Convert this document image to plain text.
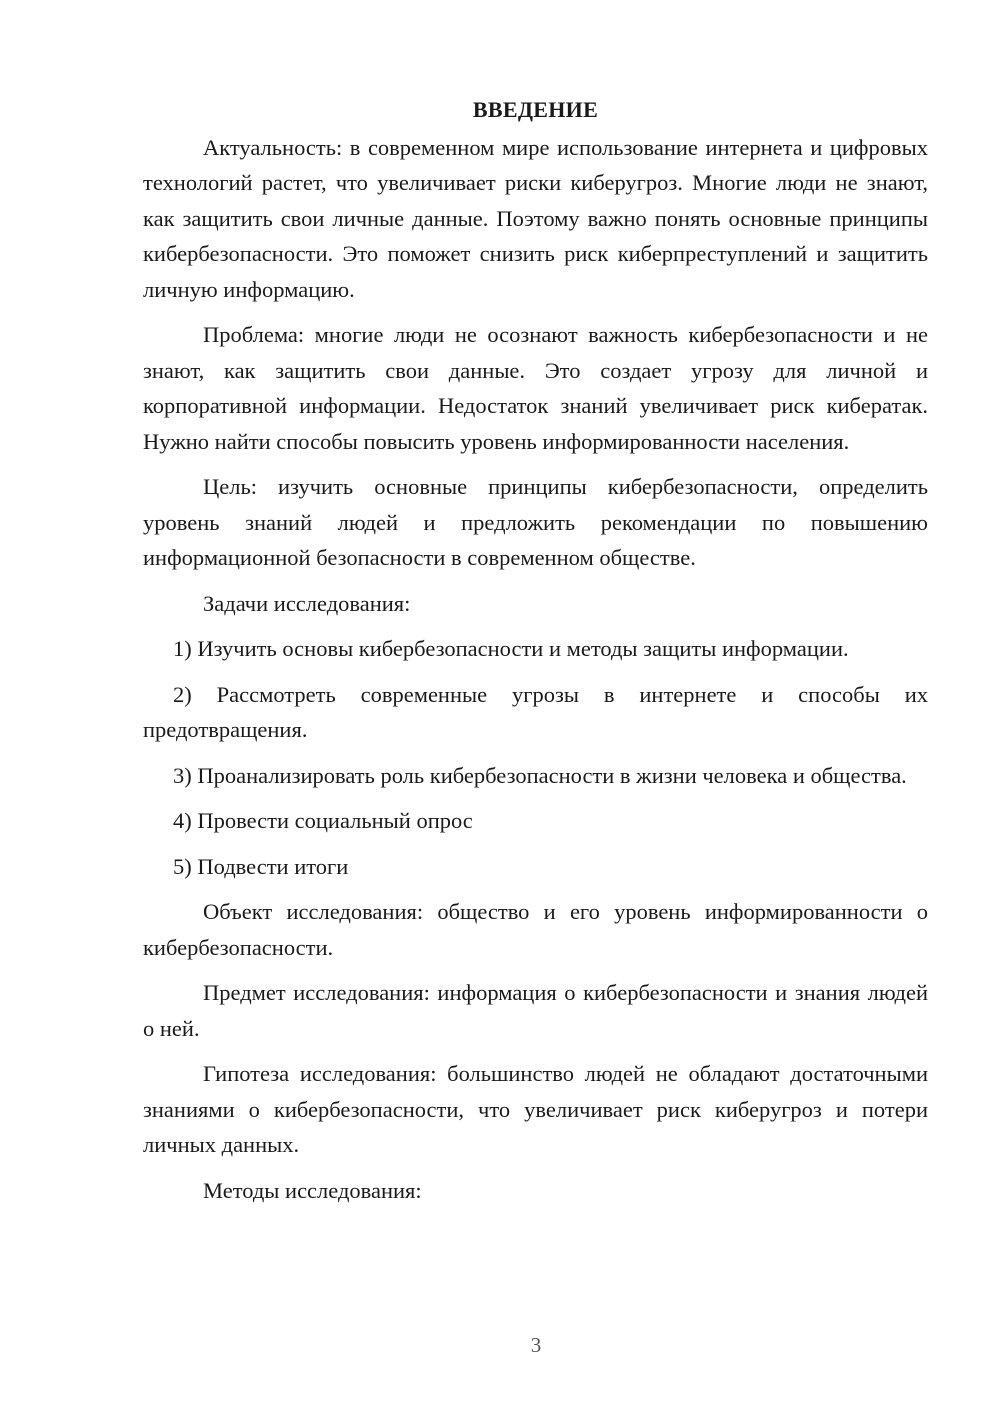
ВВЕДЕНИЕ

Актуальность: в современном мире использование интернета и цифровых технологий растет, что увеличивает риски киберугроз. Многие люди не знают, как защитить свои личные данные. Поэтому важно понять основные принципы кибербезопасности. Это поможет снизить риск киберпреступлений и защитить личную информацию.

Проблема: многие люди не осознают важность кибербезопасности и не знают, как защитить свои данные. Это создает угрозу для личной и корпоративной информации. Недостаток знаний увеличивает риск кибератак. Нужно найти способы повысить уровень информированности населения.

Цель: изучить основные принципы кибербезопасности, определить уровень знаний людей и предложить рекомендации по повышению информационной безопасности в современном обществе.

Задачи исследования:

1) Изучить основы кибербезопасности и методы защиты информации.

2) Рассмотреть современные угрозы в интернете и способы их предотвращения.

3) Проанализировать роль кибербезопасности в жизни человека и общества.

4) Провести социальный опрос

5) Подвести итоги

Объект исследования: общество и его уровень информированности о кибербезопасности.

Предмет исследования: информация о кибербезопасности и знания людей о ней.

Гипотеза исследования: большинство людей не обладают достаточными знаниями о кибербезопасности, что увеличивает риск киберугроз и потери личных данных.

Методы исследования:

3
